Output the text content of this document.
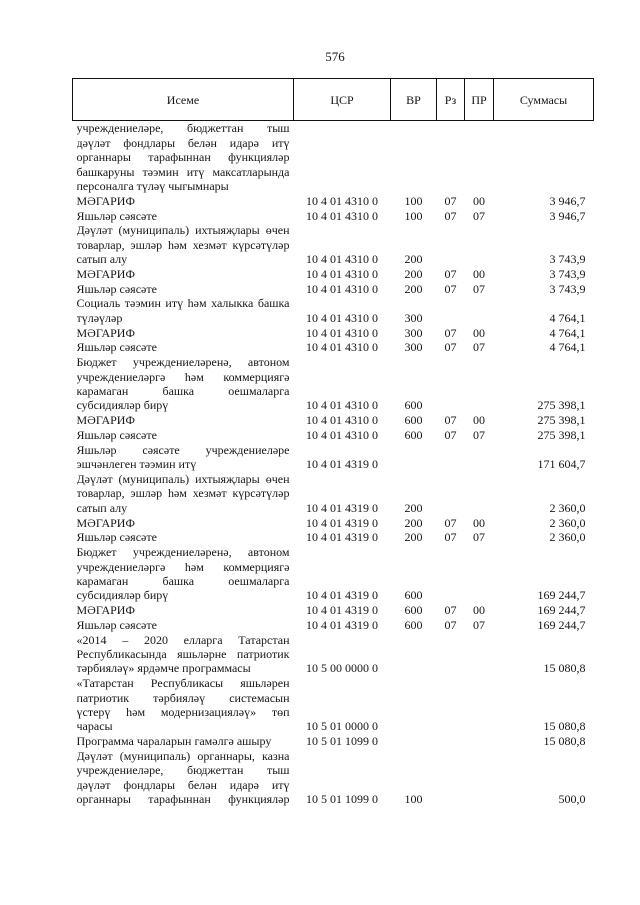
576
Исеме	ЦСР	ВР	Рз	ПР	Суммасы

учреждениеләре, бюджеттан тыш
дәүләт фондлары белән идарә итү
органнары тарафыннан функцияләр
башкаруны тәэмин итү максатларында
персоналга түләү чыгымнары					

МӘГАРИФ	10 4 01 4310 0	100	07	00	3 946,7

Яшьләр сәясәте	10 4 01 4310 0	100	07	07	3 946,7

Дәүләт (муниципаль) ихтыяҗлары өчен
товарлар, эшләр һәм хезмәт күрсәтүләр
сатып алу	10 4 01 4310 0	200			3 743,9

МӘГАРИФ	10 4 01 4310 0	200	07	00	3 743,9

Яшьләр сәясәте	10 4 01 4310 0	200	07	07	3 743,9

Социаль тәэмин итү һәм халыкка башка
түләүләр	10 4 01 4310 0	300			4 764,1

МӘГАРИФ	10 4 01 4310 0	300	07	00	4 764,1

Яшьләр сәясәте	10 4 01 4310 0	300	07	07	4 764,1

Бюджет учреждениеләренә, автоном
учреждениеләргә һәм коммерциягә
карамаган башка оешмаларга
субсидияләр бирү	10 4 01 4310 0	600			275 398,1

МӘГАРИФ	10 4 01 4310 0	600	07	00	275 398,1

Яшьләр сәясәте	10 4 01 4310 0	600	07	07	275 398,1

Яшьләр сәясәте учреждениеләре
эшчәнлеген тәэмин итү	10 4 01 4319 0				171 604,7

Дәүләт (муниципаль) ихтыяҗлары өчен
товарлар, эшләр һәм хезмәт күрсәтүләр
сатып алу	10 4 01 4319 0	200			2 360,0

МӘГАРИФ	10 4 01 4319 0	200	07	00	2 360,0

Яшьләр сәясәте	10 4 01 4319 0	200	07	07	2 360,0

Бюджет учреждениеләренә, автоном
учреждениеләргә һәм коммерциягә
карамаган башка оешмаларга
субсидияләр бирү	10 4 01 4319 0	600			169 244,7

МӘГАРИФ	10 4 01 4319 0	600	07	00	169 244,7

Яшьләр сәясәте	10 4 01 4319 0	600	07	07	169 244,7

«2014 – 2020 елларга Татарстан
Республикасында яшьләрне патриотик
тәрбияләү» ярдәмче программасы	10 5 00 0000 0				15 080,8

«Татарстан Республикасы яшьләрен
патриотик тәрбияләү системасын
үстерү һәм модернизацияләү» төп
чарасы	10 5 01 0000 0				15 080,8

Программа чараларын гамәлгә ашыру	10 5 01 1099 0				15 080,8

Дәүләт (муниципаль) органнары, казна
учреждениеләре, бюджеттан тыш
дәүләт фондлары белән идарә итү
органнары тарафыннан функцияләр	10 5 01 1099 0	100			500,0
